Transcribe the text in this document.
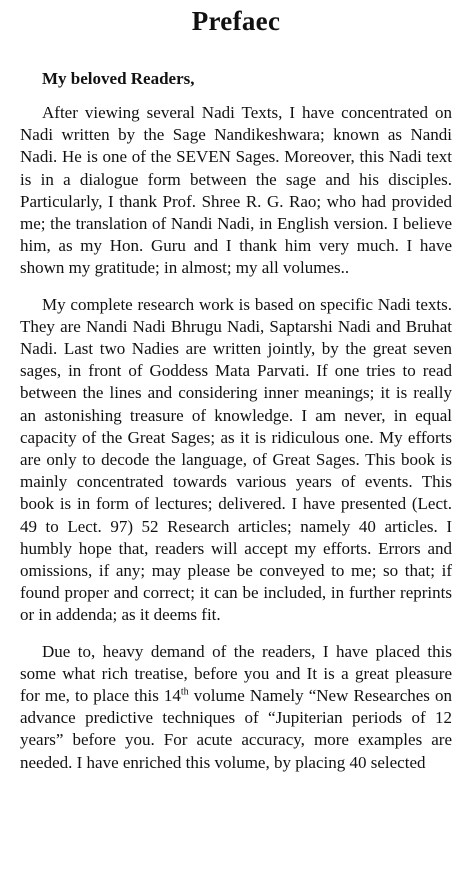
Prefaec

My beloved Readers,

After viewing several Nadi Texts, I have concentrated on Nadi written by the Sage Nandikeshwara; known as Nandi Nadi. He is one of the SEVEN Sages. Moreover, this Nadi text is in a dialogue form between the sage and his disciples. Particularly, I thank Prof. Shree R. G. Rao; who had provided me; the translation of Nandi Nadi, in English version. I believe him, as my Hon. Guru and I thank him very much. I have shown my gratitude; in almost; my all volumes..

My complete research work is based on specific Nadi texts. They are Nandi Nadi Bhrugu Nadi, Saptarshi Nadi and Bruhat Nadi. Last two Nadies are written jointly, by the great seven sages, in front of Goddess Mata Parvati. If one tries to read between the lines and considering inner meanings; it is really an astonishing treasure of knowledge. I am never, in equal capacity of the Great Sages; as it is ridiculous one. My efforts are only to decode the language, of Great Sages. This book is mainly concentrated towards various years of events. This book is in form of lectures; delivered. I have presented (Lect. 49 to Lect. 97) 52 Research articles; namely 40 articles. I humbly hope that, readers will accept my efforts. Errors and omissions, if any; may please be conveyed to me; so that; if found proper and correct; it can be included, in further reprints or in addenda; as it deems fit.

Due to, heavy demand of the readers, I have placed this some what rich treatise, before you and It is a great pleasure for me, to place this 14th volume Namely “New Researches on advance predictive techniques of “Jupiterian periods of 12 years” before you. For acute accuracy, more examples are needed. I have enriched this volume, by placing 40 selected
